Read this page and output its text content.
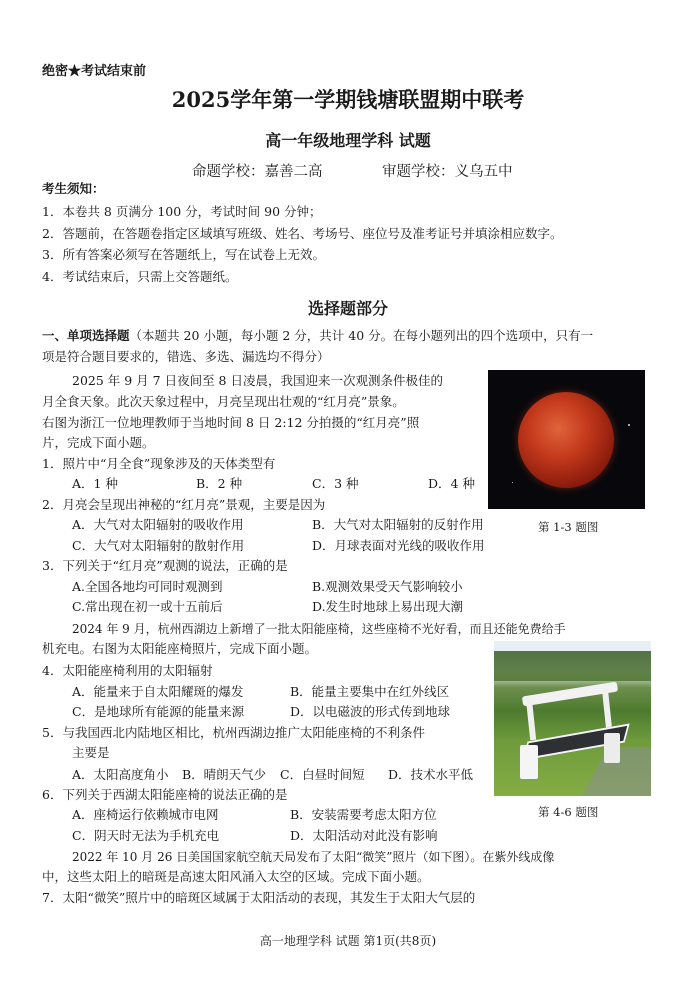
绝密★考试结束前
2025学年第一学期钱塘联盟期中联考
高一年级地理学科 试题
命题学校：嘉善二高	审题学校：义乌五中
考生须知：
1．本卷共 8 页满分 100 分，考试时间 90 分钟；
2．答题前，在答题卷指定区域填写班级、姓名、考场号、座位号及准考证号并填涂相应数字。
3．所有答案必须写在答题纸上，写在试卷上无效。
4．考试结束后，只需上交答题纸。
选择题部分
一、单项选择题（本题共 20 小题，每小题 2 分，共计 40 分。在每小题列出的四个选项中，只有一
项是符合题目要求的，错选、多选、漏选均不得分）
2025 年 9 月 7 日夜间至 8 日凌晨，我国迎来一次观测条件极佳的
月全食天象。此次天象过程中，月亮呈现出壮观的“红月亮”景象。
右图为浙江一位地理教师于当地时间 8 日 2:12 分拍摄的“红月亮”照
片，完成下面小题。
第 1-3 题图
1．照片中“月全食”现象涉及的天体类型有
A．1 种	B．2 种	C．3 种	D．4 种
2．月亮会呈现出神秘的“红月亮”景观，主要是因为
A．大气对太阳辐射的吸收作用	B．大气对太阳辐射的反射作用
C．大气对太阳辐射的散射作用	D．月球表面对光线的吸收作用
3．下列关于“红月亮”观测的说法，正确的是
A.全国各地均可同时观测到	B.观测效果受天气影响较小
C.常出现在初一或十五前后	D.发生时地球上易出现大潮
2024 年 9 月，杭州西湖边上新增了一批太阳能座椅，这些座椅不光好看，而且还能免费给手
机充电。右图为太阳能座椅照片，完成下面小题。
第 4-6 题图
4．太阳能座椅利用的太阳辐射
A．能量来于自太阳耀斑的爆发	B．能量主要集中在红外线区
C．是地球所有能源的能量来源	D．以电磁波的形式传到地球
5．与我国西北内陆地区相比，杭州西湖边推广太阳能座椅的不利条件
主要是
A．太阳高度角小 B．晴朗天气少 C．白昼时间短 D．技术水平低
6．下列关于西湖太阳能座椅的说法正确的是
A．座椅运行依赖城市电网	B．安装需要考虑太阳方位
C．阴天时无法为手机充电	D．太阳活动对此没有影响
2022 年 10 月 26 日美国国家航空航天局发布了太阳“微笑”照片（如下图）。在紫外线成像
中，这些太阳上的暗斑是高速太阳风涌入太空的区域。完成下面小题。
7．太阳“微笑”照片中的暗斑区域属于太阳活动的表现，其发生于太阳大气层的
高一地理学科 试题 第1页(共8页)
